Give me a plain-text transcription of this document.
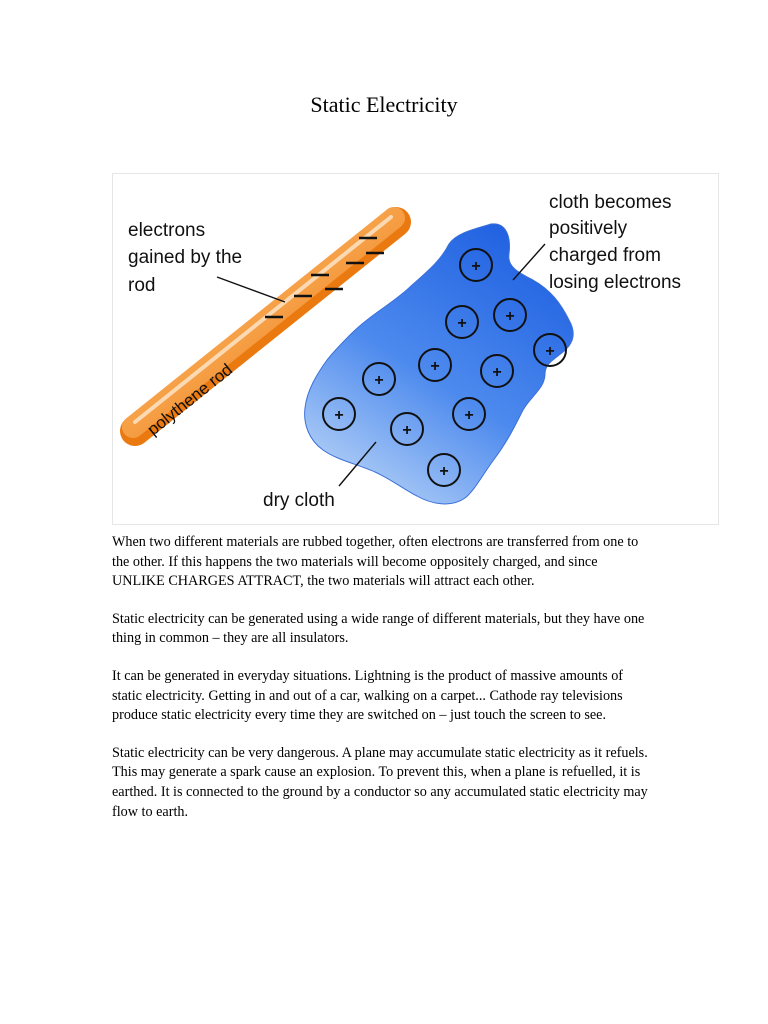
Static Electricity
polythene rod
electrons
gained by the
rod
+
+ +
+
+	+
+
+
+
+
+
cloth becomes
positively
charged from
losing electrons
dry cloth

When two different materials are rubbed together, often electrons are transferred from one to the other. If this happens the two materials will become oppositely charged, and since UNLIKE CHARGES ATTRACT, the two materials will attract each other.

Static electricity can be generated using a wide range of different materials, but they have one thing in common – they are all insulators.

It can be generated in everyday situations. Lightning is the product of massive amounts of static electricity. Getting in and out of a car, walking on a carpet... Cathode ray televisions produce static electricity every time they are switched on – just touch the screen to see.

Static electricity can be very dangerous. A plane may accumulate static electricity as it refuels. This may generate a spark cause an explosion. To prevent this, when a plane is refuelled, it is earthed. It is connected to the ground by a conductor so any accumulated static electricity may flow to earth.
